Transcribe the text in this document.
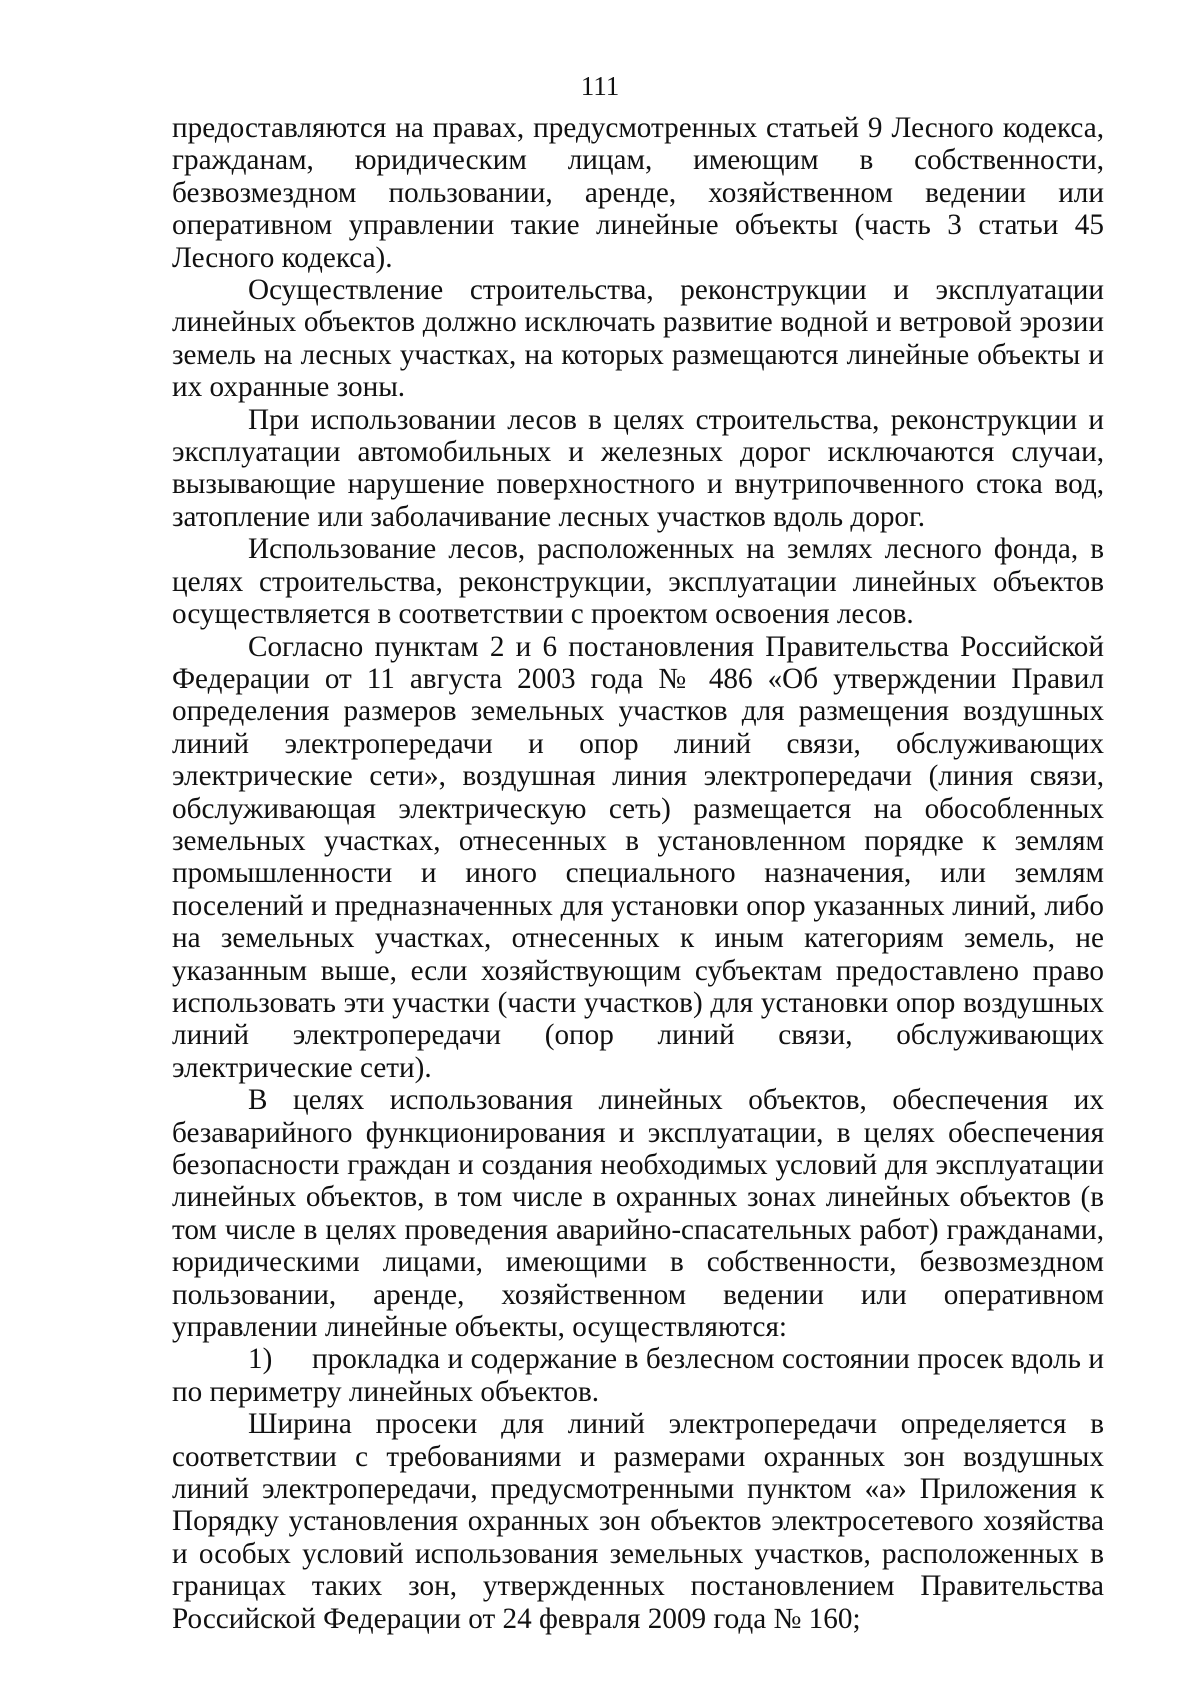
111

предоставляются на правах, предусмотренных статьей 9 Лесного кодекса, гражданам, юридическим лицам, имеющим в собственности, безвозмездном пользовании, аренде, хозяйственном ведении или оперативном управлении такие линейные объекты (часть 3 статьи 45 Лесного кодекса).

Осуществление строительства, реконструкции и эксплуатации линейных объектов должно исключать развитие водной и ветровой эрозии земель на лесных участках, на которых размещаются линейные объекты и их охранные зоны.

При использовании лесов в целях строительства, реконструкции и эксплуатации автомобильных и железных дорог исключаются случаи, вызывающие нарушение поверхностного и внутрипочвенного стока вод, затопление или заболачивание лесных участков вдоль дорог.

Использование лесов, расположенных на землях лесного фонда, в целях строительства, реконструкции, эксплуатации линейных объектов осуществляется в соответствии с проектом освоения лесов.

Согласно пунктам 2 и 6 постановления Правительства Российской Федерации от 11 августа 2003 года № 486 «Об утверждении Правил определения размеров земельных участков для размещения воздушных линий электропередачи и опор линий связи, обслуживающих электрические сети», воздушная линия электропередачи (линия связи, обслуживающая электрическую сеть) размещается на обособленных земельных участках, отнесенных в установленном порядке к землям промышленности и иного специального назначения, или землям поселений и предназначенных для установки опор указанных линий, либо на земельных участках, отнесенных к иным категориям земель, не указанным выше, если хозяйствующим субъектам предоставлено право использовать эти участки (части участков) для установки опор воздушных линий электропередачи (опор линий связи, обслуживающих электрические сети).

В целях использования линейных объектов, обеспечения их безаварийного функционирования и эксплуатации, в целях обеспечения безопасности граждан и создания необходимых условий для эксплуатации линейных объектов, в том числе в охранных зонах линейных объектов (в том числе в целях проведения аварийно-спасательных работ) гражданами, юридическими лицами, имеющими в собственности, безвозмездном пользовании, аренде, хозяйственном ведении или оперативном управлении линейные объекты, осуществляются:

1) прокладка и содержание в безлесном состоянии просек вдоль и по периметру линейных объектов.

Ширина просеки для линий электропередачи определяется в соответствии с требованиями и размерами охранных зон воздушных линий электропередачи, предусмотренными пунктом «а» Приложения к Порядку установления охранных зон объектов электросетевого хозяйства и особых условий использования земельных участков, расположенных в границах таких зон, утвержденных постановлением Правительства Российской Федерации от 24 февраля 2009 года № 160;
